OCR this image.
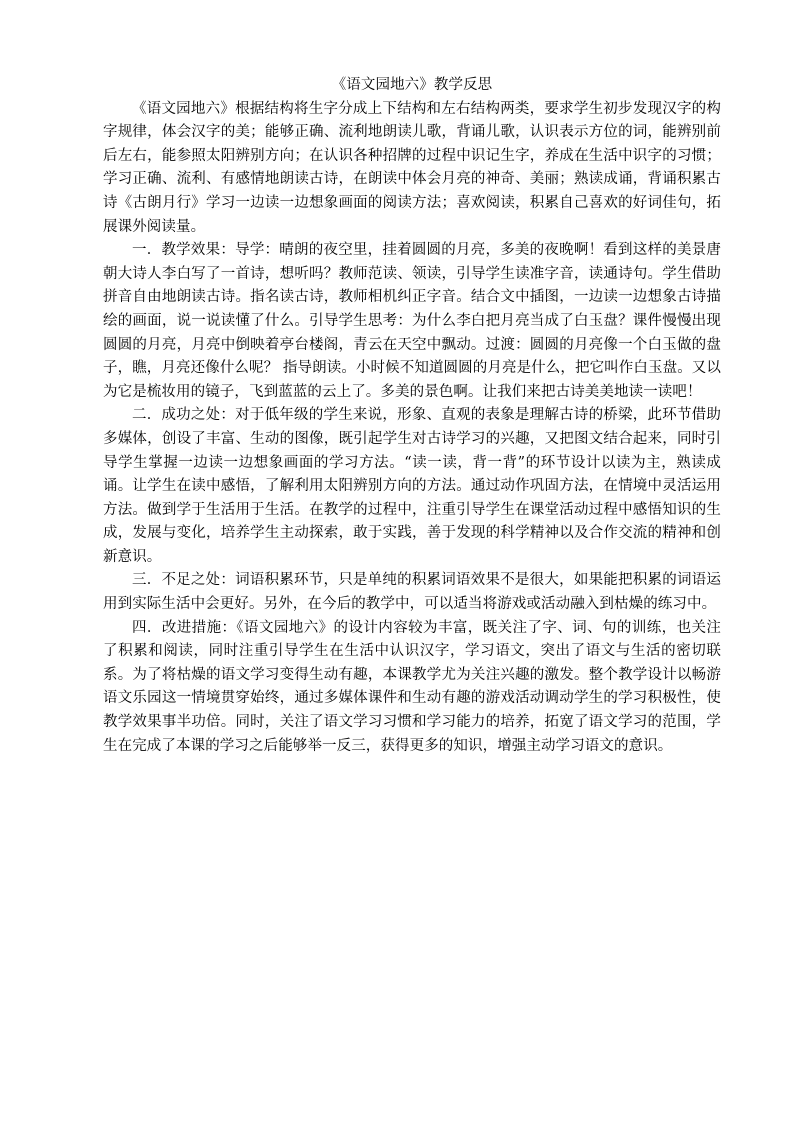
《语文园地六》教学反思

《语文园地六》根据结构将生字分成上下结构和左右结构两类，要求学生初步发现汉字的构字规律，体会汉字的美；能够正确、流利地朗读儿歌，背诵儿歌，认识表示方位的词，能辨别前后左右，能参照太阳辨别方向；在认识各种招牌的过程中识记生字，养成在生活中识字的习惯；学习正确、流利、有感情地朗读古诗，在朗读中体会月亮的神奇、美丽；熟读成诵，背诵积累古诗《古朗月行》学习一边读一边想象画面的阅读方法；喜欢阅读，积累自己喜欢的好词佳句，拓展课外阅读量。

一．教学效果：导学：晴朗的夜空里，挂着圆圆的月亮，多美的夜晚啊！看到这样的美景唐朝大诗人李白写了一首诗，想听吗？教师范读、领读，引导学生读准字音，读通诗句。学生借助拼音自由地朗读古诗。指名读古诗，教师相机纠正字音。结合文中插图，一边读一边想象古诗描绘的画面，说一说读懂了什么。引导学生思考：为什么李白把月亮当成了白玉盘？课件慢慢出现圆圆的月亮，月亮中倒映着亭台楼阁，青云在天空中飘动。过渡：圆圆的月亮像一个白玉做的盘子，瞧，月亮还像什么呢？ 指导朗读。小时候不知道圆圆的月亮是什么，把它叫作白玉盘。又以为它是梳妆用的镜子，飞到蓝蓝的云上了。多美的景色啊。让我们来把古诗美美地读一读吧！

二．成功之处：对于低年级的学生来说，形象、直观的表象是理解古诗的桥梁，此环节借助多媒体，创设了丰富、生动的图像，既引起学生对古诗学习的兴趣，又把图文结合起来，同时引导学生掌握一边读一边想象画面的学习方法。“读一读，背一背”的环节设计以读为主，熟读成诵。让学生在读中感悟，了解利用太阳辨别方向的方法。通过动作巩固方法，在情境中灵活运用方法。做到学于生活用于生活。在教学的过程中，注重引导学生在课堂活动过程中感悟知识的生成，发展与变化，培养学生主动探索，敢于实践，善于发现的科学精神以及合作交流的精神和创新意识。

三．不足之处：词语积累环节，只是单纯的积累词语效果不是很大，如果能把积累的词语运用到实际生活中会更好。另外，在今后的教学中，可以适当将游戏或活动融入到枯燥的练习中。

四．改进措施：《语文园地六》的设计内容较为丰富，既关注了字、词、句的训练，也关注了积累和阅读，同时注重引导学生在生活中认识汉字，学习语文，突出了语文与生活的密切联系。为了将枯燥的语文学习变得生动有趣，本课教学尤为关注兴趣的激发。整个教学设计以畅游语文乐园这一情境贯穿始终，通过多媒体课件和生动有趣的游戏活动调动学生的学习积极性，使教学效果事半功倍。同时，关注了语文学习习惯和学习能力的培养，拓宽了语文学习的范围，学生在完成了本课的学习之后能够举一反三，获得更多的知识，增强主动学习语文的意识。
